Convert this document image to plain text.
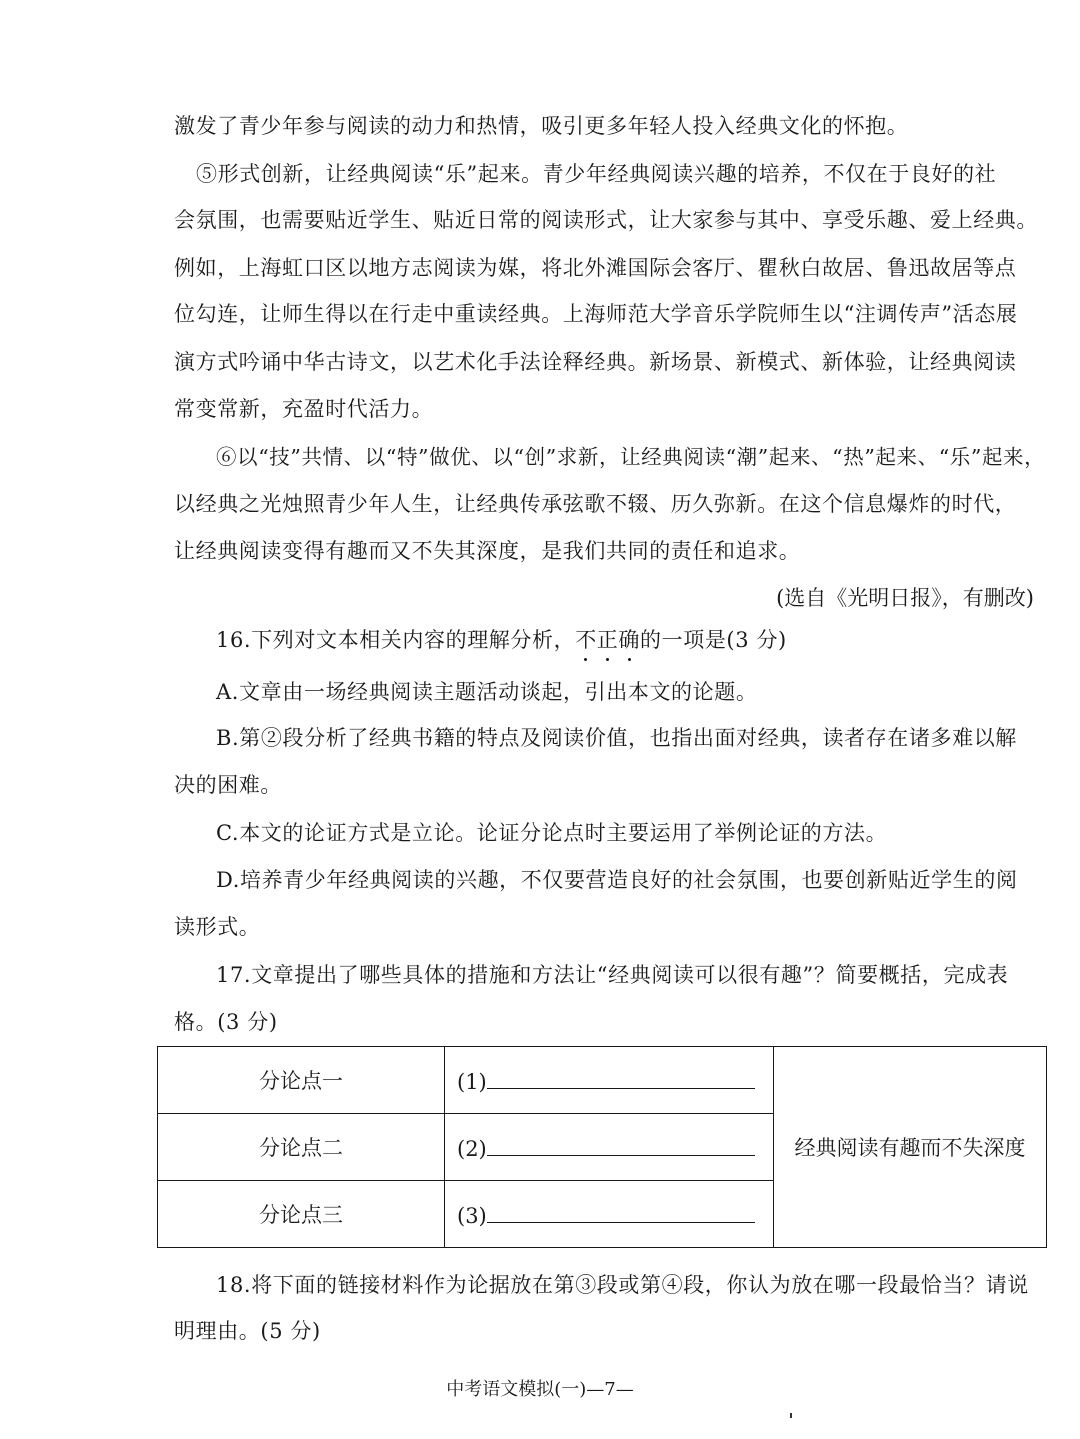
激发了青少年参与阅读的动力和热情，吸引更多年轻人投入经典文化的怀抱。
⑤形式创新，让经典阅读“乐”起来。青少年经典阅读兴趣的培养，不仅在于良好的社
会氛围，也需要贴近学生、贴近日常的阅读形式，让大家参与其中、享受乐趣、爱上经典。
例如，上海虹口区以地方志阅读为媒，将北外滩国际会客厅、瞿秋白故居、鲁迅故居等点
位勾连，让师生得以在行走中重读经典。上海师范大学音乐学院师生以“注调传声”活态展
演方式吟诵中华古诗文，以艺术化手法诠释经典。新场景、新模式、新体验，让经典阅读
常变常新，充盈时代活力。
⑥以“技”共情、以“特”做优、以“创”求新，让经典阅读“潮”起来、“热”起来、“乐”起来，
以经典之光烛照青少年人生，让经典传承弦歌不辍、历久弥新。在这个信息爆炸的时代，
让经典阅读变得有趣而又不失其深度，是我们共同的责任和追求。
(选自《光明日报》，有删改)
16.下列对文本相关内容的理解分析，不正确
的一项是(3 分)
A.文章由一场经典阅读主题活动谈起，引出本文的论题。
B.第②段分析了经典书籍的特点及阅读价值，也指出面对经典，读者存在诸多难以解
决的困难。
C.本文的论证方式是立论。论证分论点时主要运用了举例论证的方法。
D.培养青少年经典阅读的兴趣，不仅要营造良好的社会氛围，也要创新贴近学生的阅
读形式。
17.文章提出了哪些具体的措施和方法让“经典阅读可以很有趣”？简要概括，完成表
格。(3 分)
分论点一	(1)	经典阅读有趣而不失深度
分论点二	(2)	
分论点三	(3)	
18.将下面的链接材料作为论据放在第③段或第④段，你认为放在哪一段最恰当？请说
明理由。(5 分)
中考语文模拟(一)—7—
